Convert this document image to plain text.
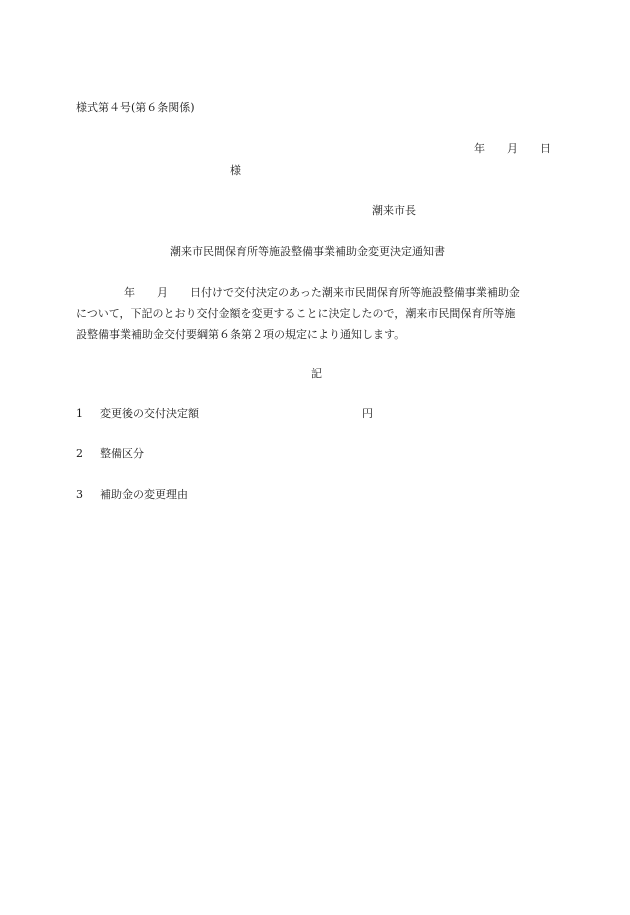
様式第４号(第６条関係)

年 月 日

様

潮来市長

潮来市民間保育所等施設整備事業補助金変更決定通知書

年 月 日付けで交付決定のあった潮来市民間保育所等施設整備事業補助金

について，下記のとおり交付金額を変更することに決定したので，潮来市民間保育所等施

設整備事業補助金交付要綱第６条第２項の規定により通知します。

記

1 変更後の交付決定額	円

2 整備区分

3 補助金の変更理由
